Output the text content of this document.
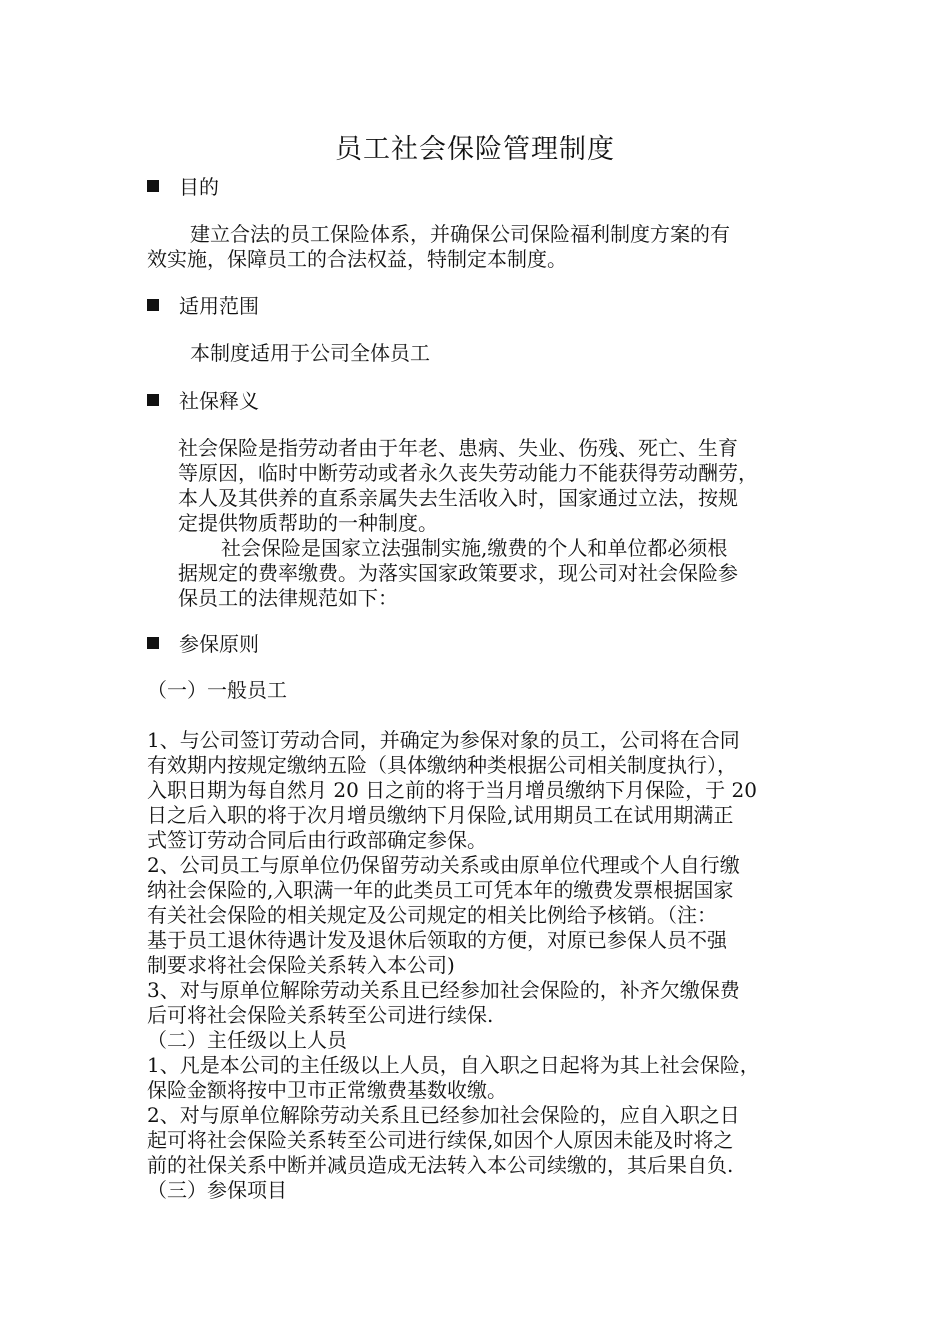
员工社会保险管理制度
目的
建立合法的员工保险体系，并确保公司保险福利制度方案的有
效实施，保障员工的合法权益，特制定本制度。
适用范围
本制度适用于公司全体员工
社保释义
社会保险是指劳动者由于年老、患病、失业、伤残、死亡、生育
等原因，临时中断劳动或者永久丧失劳动能力不能获得劳动酬劳，
本人及其供养的直系亲属失去生活收入时，国家通过立法，按规
定提供物质帮助的一种制度。
社会保险是国家立法强制实施,缴费的个人和单位都必须根
据规定的费率缴费。为落实国家政策要求，现公司对社会保险参
保员工的法律规范如下：
参保原则
（一）一般员工
1、与公司签订劳动合同，并确定为参保对象的员工，公司将在合同
有效期内按规定缴纳五险（具体缴纳种类根据公司相关制度执行），
入职日期为每自然月 20 日之前的将于当月增员缴纳下月保险，于 20
日之后入职的将于次月增员缴纳下月保险,试用期员工在试用期满正
式签订劳动合同后由行政部确定参保。
2、公司员工与原单位仍保留劳动关系或由原单位代理或个人自行缴
纳社会保险的,入职满一年的此类员工可凭本年的缴费发票根据国家
有关社会保险的相关规定及公司规定的相关比例给予核销。（注：
基于员工退休待遇计发及退休后领取的方便，对原已参保人员不强
制要求将社会保险关系转入本公司)
3、对与原单位解除劳动关系且已经参加社会保险的，补齐欠缴保费
后可将社会保险关系转至公司进行续保.
（二）主任级以上人员
1、凡是本公司的主任级以上人员，自入职之日起将为其上社会保险，
保险金额将按中卫市正常缴费基数收缴。
2、对与原单位解除劳动关系且已经参加社会保险的，应自入职之日
起可将社会保险关系转至公司进行续保,如因个人原因未能及时将之
前的社保关系中断并减员造成无法转入本公司续缴的，其后果自负.
（三）参保项目
